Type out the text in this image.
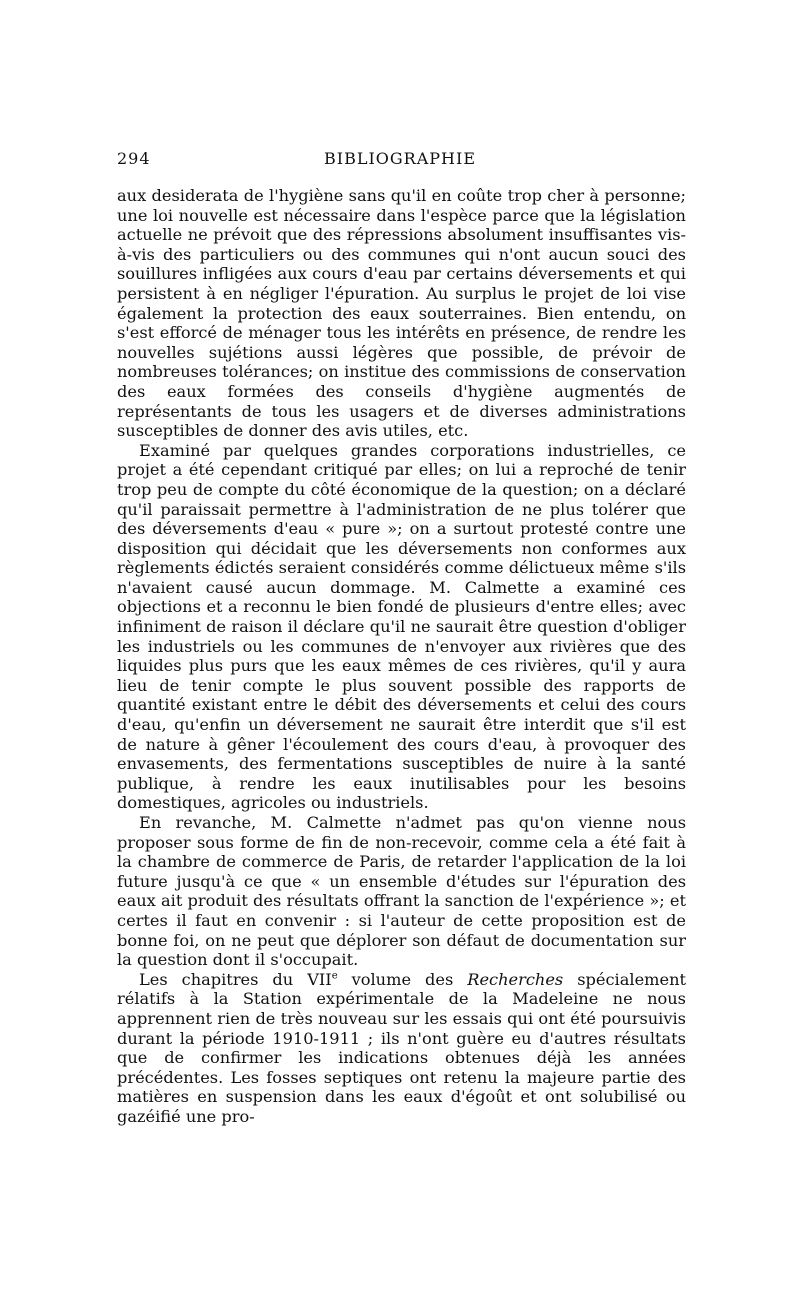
294	BIBLIOGRAPHIE

aux desiderata de l'hygiène sans qu'il en coûte trop cher à personne; une loi nouvelle est nécessaire dans l'espèce parce que la législation actuelle ne prévoit que des répressions absolument insuffisantes vis-à-vis des particuliers ou des communes qui n'ont aucun souci des souillures infligées aux cours d'eau par certains déversements et qui persistent à en négliger l'épuration. Au surplus le projet de loi vise également la protection des eaux souterraines. Bien entendu, on s'est efforcé de ménager tous les intérêts en présence, de rendre les nouvelles sujétions aussi légères que possible, de prévoir de nombreuses tolérances; on institue des commissions de conservation des eaux formées des conseils d'hygiène augmentés de représentants de tous les usagers et de diverses administrations susceptibles de donner des avis utiles, etc.

Examiné par quelques grandes corporations industrielles, ce projet a été cependant critiqué par elles; on lui a reproché de tenir trop peu de compte du côté économique de la question; on a déclaré qu'il paraissait permettre à l'administration de ne plus tolérer que des déversements d'eau « pure »; on a surtout protesté contre une disposition qui décidait que les déversements non conformes aux règlements édictés seraient considérés comme délictueux même s'ils n'avaient causé aucun dommage. M. Calmette a examiné ces objections et a reconnu le bien fondé de plusieurs d'entre elles; avec infiniment de raison il déclare qu'il ne saurait être question d'obliger les industriels ou les communes de n'envoyer aux rivières que des liquides plus purs que les eaux mêmes de ces rivières, qu'il y aura lieu de tenir compte le plus souvent possible des rapports de quantité existant entre le débit des déversements et celui des cours d'eau, qu'enfin un déversement ne saurait être interdit que s'il est de nature à gêner l'écoulement des cours d'eau, à provoquer des envasements, des fermentations susceptibles de nuire à la santé publique, à rendre les eaux inutilisables pour les besoins domestiques, agricoles ou industriels.

En revanche, M. Calmette n'admet pas qu'on vienne nous proposer sous forme de fin de non-recevoir, comme cela a été fait à la chambre de commerce de Paris, de retarder l'application de la loi future jusqu'à ce que « un ensemble d'études sur l'épuration des eaux ait produit des résultats offrant la sanction de l'expérience »; et certes il faut en convenir : si l'auteur de cette proposition est de bonne foi, on ne peut que déplorer son défaut de documentation sur la question dont il s'occupait.

Les chapitres du VIIe volume des Recherches spécialement rélatifs à la Station expérimentale de la Madeleine ne nous apprennent rien de très nouveau sur les essais qui ont été poursuivis durant la période 1910-1911 ; ils n'ont guère eu d'autres résultats que de confirmer les indications obtenues déjà les années précédentes. Les fosses septiques ont retenu la majeure partie des matières en suspension dans les eaux d'égoût et ont solubilisé ou gazéifié une pro-
